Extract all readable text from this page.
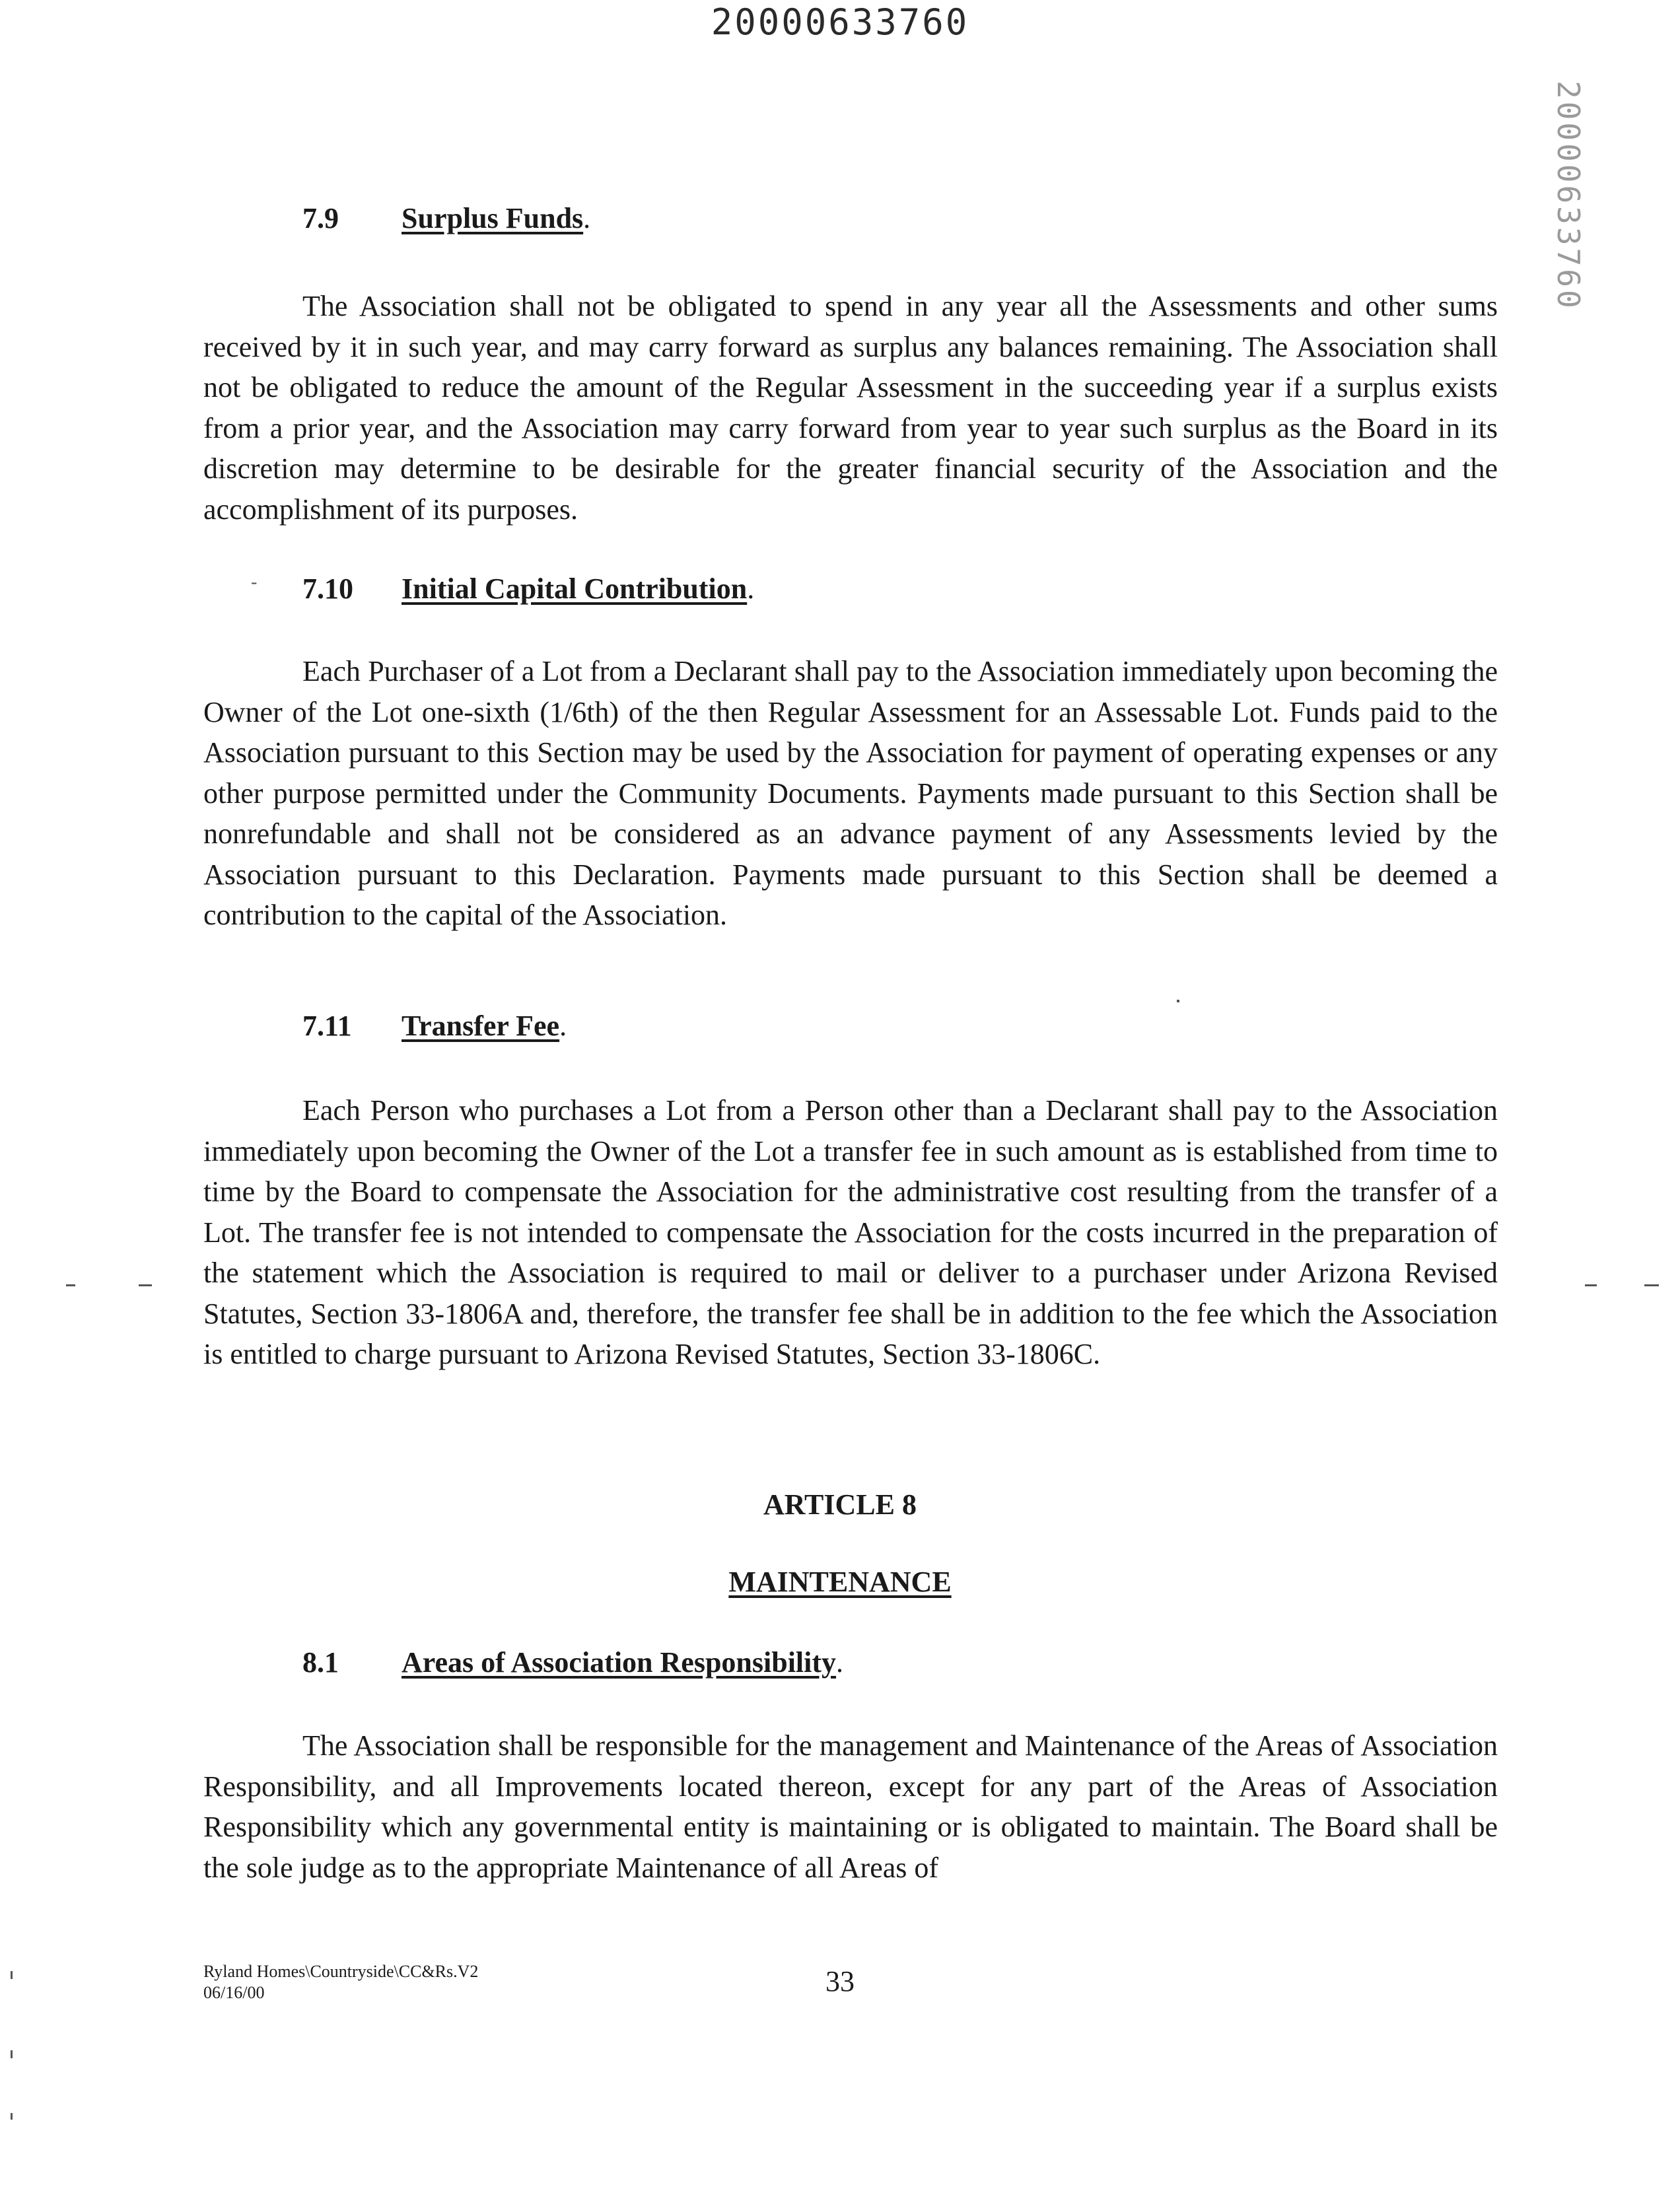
20000633760
20000633760
7.9 Surplus Funds.
The Association shall not be obligated to spend in any year all the Assessments and other sums received by it in such year, and may carry forward as surplus any balances remaining. The Association shall not be obligated to reduce the amount of the Regular Assessment in the succeeding year if a surplus exists from a prior year, and the Association may carry forward from year to year such surplus as the Board in its discretion may determine to be desirable for the greater financial security of the Association and the accomplishment of its purposes.
- 7.10 Initial Capital Contribution.
Each Purchaser of a Lot from a Declarant shall pay to the Association immediately upon becoming the Owner of the Lot one-sixth (1/6th) of the then Regular Assessment for an Assessable Lot. Funds paid to the Association pursuant to this Section may be used by the Association for payment of operating expenses or any other purpose permitted under the Community Documents. Payments made pursuant to this Section shall be nonrefundable and shall not be considered as an advance payment of any Assessments levied by the Association pursuant to this Declaration. Payments made pursuant to this Section shall be deemed a contribution to the capital of the Association.
7.11 Transfer Fee.
Each Person who purchases a Lot from a Person other than a Declarant shall pay to the Association immediately upon becoming the Owner of the Lot a transfer fee in such amount as is established from time to time by the Board to compensate the Association for the administrative cost resulting from the transfer of a Lot. The transfer fee is not intended to compensate the Association for the costs incurred in the preparation of the statement which the Association is required to mail or deliver to a purchaser under Arizona Revised Statutes, Section 33-1806A and, therefore, the transfer fee shall be in addition to the fee which the Association is entitled to charge pursuant to Arizona Revised Statutes, Section 33-1806C.
ARTICLE 8
MAINTENANCE
8.1 Areas of Association Responsibility.
The Association shall be responsible for the management and Maintenance of the Areas of Association Responsibility, and all Improvements located thereon, except for any part of the Areas of Association Responsibility which any governmental entity is maintaining or is obligated to maintain. The Board shall be the sole judge as to the appropriate Maintenance of all Areas of
Ryland Homes\Countryside\CC&Rs.V2
06/16/00	33
